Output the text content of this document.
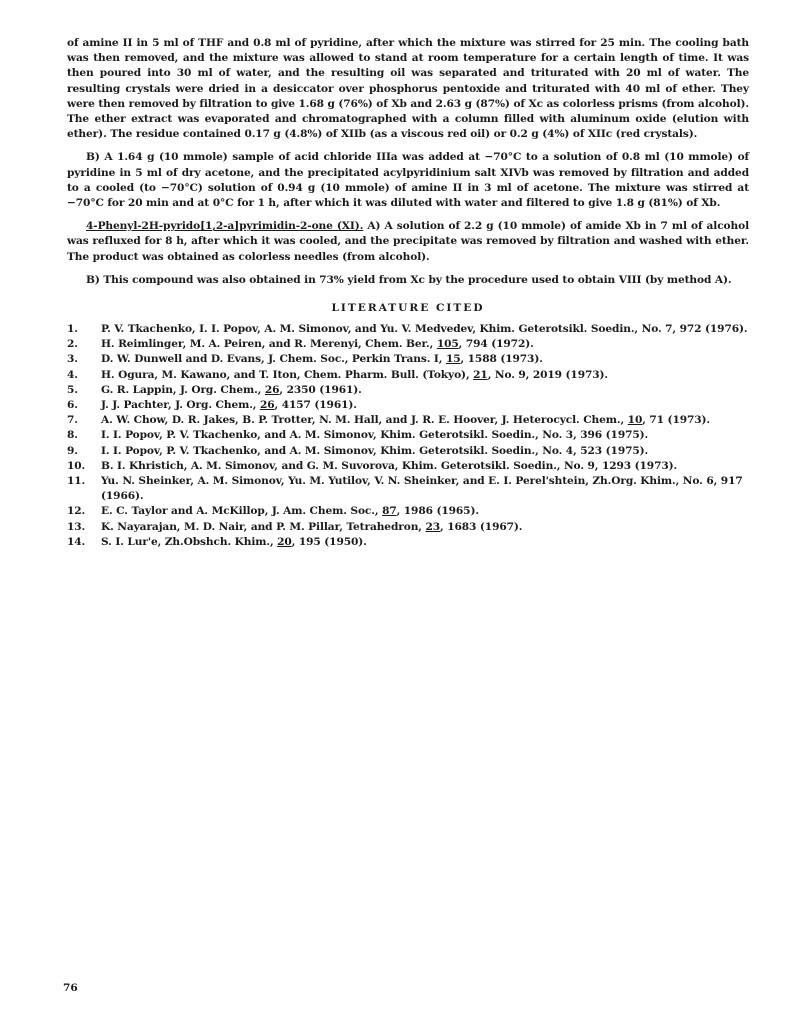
of amine II in 5 ml of THF and 0.8 ml of pyridine, after which the mixture was stirred for 25 min. The cooling bath was then removed, and the mixture was allowed to stand at room temperature for a certain length of time. It was then poured into 30 ml of water, and the resulting oil was separated and triturated with 20 ml of water. The resulting crystals were dried in a desiccator over phosphorus pentoxide and triturated with 40 ml of ether. They were then removed by filtration to give 1.68 g (76%) of Xb and 2.63 g (87%) of Xc as colorless prisms (from alcohol). The ether extract was evaporated and chromatographed with a column filled with aluminum oxide (elution with ether). The residue contained 0.17 g (4.8%) of XIIb (as a viscous red oil) or 0.2 g (4%) of XIIc (red crystals).

B) A 1.64 g (10 mmole) sample of acid chloride IIIa was added at −70°C to a solution of 0.8 ml (10 mmole) of pyridine in 5 ml of dry acetone, and the precipitated acylpyridinium salt XIVb was removed by filtration and added to a cooled (to −70°C) solution of 0.94 g (10 mmole) of amine II in 3 ml of acetone. The mixture was stirred at −70°C for 20 min and at 0°C for 1 h, after which it was diluted with water and filtered to give 1.8 g (81%) of Xb.

4-Phenyl-2H-pyrido[1,2-a]pyrimidin-2-one (XI). A) A solution of 2.2 g (10 mmole) of amide Xb in 7 ml of alcohol was refluxed for 8 h, after which it was cooled, and the precipitate was removed by filtration and washed with ether. The product was obtained as colorless needles (from alcohol).

B) This compound was also obtained in 73% yield from Xc by the procedure used to obtain VIII (by method A).

LITERATURE CITED
1.	P. V. Tkachenko, I. I. Popov, A. M. Simonov, and Yu. V. Medvedev, Khim. Geterotsikl. Soedin., No. 7, 972 (1976).
2.	H. Reimlinger, M. A. Peiren, and R. Merenyi, Chem. Ber., 105, 794 (1972).
3.	D. W. Dunwell and D. Evans, J. Chem. Soc., Perkin Trans. I, 15, 1588 (1973).
4.	H. Ogura, M. Kawano, and T. Iton, Chem. Pharm. Bull. (Tokyo), 21, No. 9, 2019 (1973).
5.	G. R. Lappin, J. Org. Chem., 26, 2350 (1961).
6.	J. J. Pachter, J. Org. Chem., 26, 4157 (1961).
7.	A. W. Chow, D. R. Jakes, B. P. Trotter, N. M. Hall, and J. R. E. Hoover, J. Heterocycl. Chem., 10, 71 (1973).
8.	I. I. Popov, P. V. Tkachenko, and A. M. Simonov, Khim. Geterotsikl. Soedin., No. 3, 396 (1975).
9.	I. I. Popov, P. V. Tkachenko, and A. M. Simonov, Khim. Geterotsikl. Soedin., No. 4, 523 (1975).
10.	B. I. Khristich, A. M. Simonov, and G. M. Suvorova, Khim. Geterotsikl. Soedin., No. 9, 1293 (1973).
11.	Yu. N. Sheinker, A. M. Simonov, Yu. M. Yutilov, V. N. Sheinker, and E. I. Perel'shtein, Zh.Org. Khim., No. 6, 917 (1966).
12.	E. C. Taylor and A. McKillop, J. Am. Chem. Soc., 87, 1986 (1965).
13.	K. Nayarajan, M. D. Nair, and P. M. Pillar, Tetrahedron, 23, 1683 (1967).
14.	S. I. Lur'e, Zh.Obshch. Khim., 20, 195 (1950).
76
